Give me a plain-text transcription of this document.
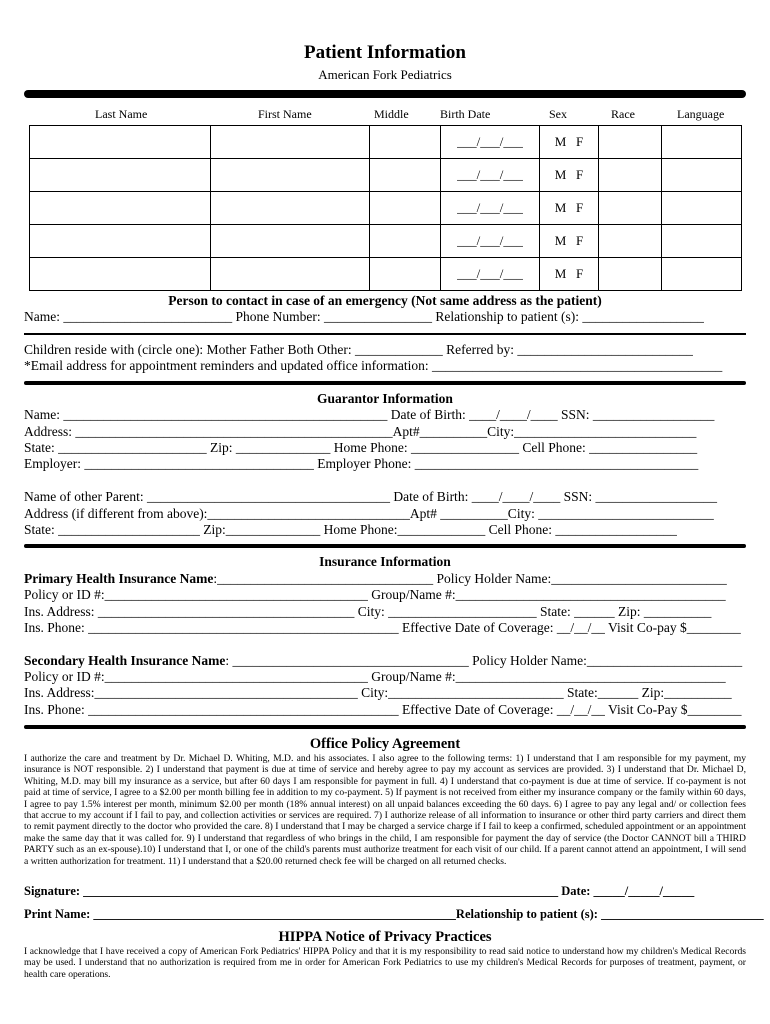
Patient Information
American Fork Pediatrics
Last Name	First Name	Middle	Birth Date	Sex	Race	Language
			___/___/___	M   F		
			___/___/___	M   F		
			___/___/___	M   F		
			___/___/___	M   F		
			___/___/___	M   F		
Person to contact in case of an emergency (Not same address as the patient)
Name: _________________________ Phone Number: ________________ Relationship to patient (s): __________________
Children reside with (circle one): Mother Father Both Other: _____________ Referred by: __________________________
*Email address for appointment reminders and updated office information: ___________________________________________
Guarantor Information
Name: ________________________________________________ Date of Birth: ____/____/____ SSN: __________________
Address: _______________________________________________Apt#__________City:___________________________
State: ______________________ Zip: ______________ Home Phone: ________________ Cell Phone: ________________
Employer: __________________________________ Employer Phone: __________________________________________
Name of other Parent: ____________________________________ Date of Birth: ____/____/____ SSN: __________________
Address (if different from above):______________________________Apt# __________City: __________________________
State: _____________________ Zip:______________ Home Phone:_____________ Cell Phone: __________________
Insurance Information
Primary Health Insurance Name:________________________________ Policy Holder Name:__________________________
Policy or ID #:_______________________________________ Group/Name #:________________________________________
Ins. Address: ______________________________________ City: ______________________ State: ______ Zip: __________
Ins. Phone: ______________________________________________ Effective Date of Coverage: __/__/__ Visit Co-pay $________
Secondary Health Insurance Name: ___________________________________ Policy Holder Name:_______________________
Policy or ID #:_______________________________________ Group/Name #:________________________________________
Ins. Address:_______________________________________ City:__________________________ State:______ Zip:__________
Ins. Phone: ______________________________________________ Effective Date of Coverage: __/__/__ Visit Co-Pay $________
Office Policy Agreement
I authorize the care and treatment by Dr. Michael D. Whiting, M.D. and his associates. I also agree to the following terms: 1) I understand that I am responsible for my payment, my insurance is NOT responsible. 2) I understand that payment is due at time of service and hereby agree to pay my account as services are provided. 3) I understand that Dr. Michael D, Whiting, M.D. may bill my insurance as a service, but after 60 days I am responsible for payment in full. 4) I understand that co-payment is due at time of service. If co-payment is not paid at time of service, I agree to a $2.00 per month billing fee in addition to my co-payment. 5) If payment is not received from either my insurance company or the family within 60 days, I agree to pay 1.5% interest per month, minimum $2.00 per month (18% annual interest) on all unpaid balances exceeding the 60 days. 6) I agree to pay any legal and/ or collection fees that accrue to my account if I fail to pay, and collection activities or services are required. 7) I authorize release of all information to insurance or other third party carriers and direct them to remit payment directly to the doctor who provided the care. 8) I understand that I may be charged a service charge if I fail to keep a confirmed, scheduled appointment or an appointment make the same day that it was called for. 9) I understand that regardless of who brings in the child, I am responsible for payment the day of service (the Doctor CANNOT bill a THIRD PARTY such as an ex-spouse).10) I understand that I, or one of the child's parents must authorize treatment for each visit of our child. If a parent cannot attend an appointment, I will send a written authorization for treatment. 11) I understand that a $20.00 returned check fee will be charged on all returned checks.
Signature: ____________________________________________________________________________ Date: _____/_____/_____
Print Name: __________________________________________________________Relationship to patient (s): __________________________
HIPPA Notice of Privacy Practices
I acknowledge that I have received a copy of American Fork Pediatrics' HIPPA Policy and that it is my responsibility to read said notice to understand how my children's Medical Records may be used. I understand that no authorization is required from me in order for American Fork Pediatrics to use my children's Medical Records for purposes of treatment, payment, or health care operations.
